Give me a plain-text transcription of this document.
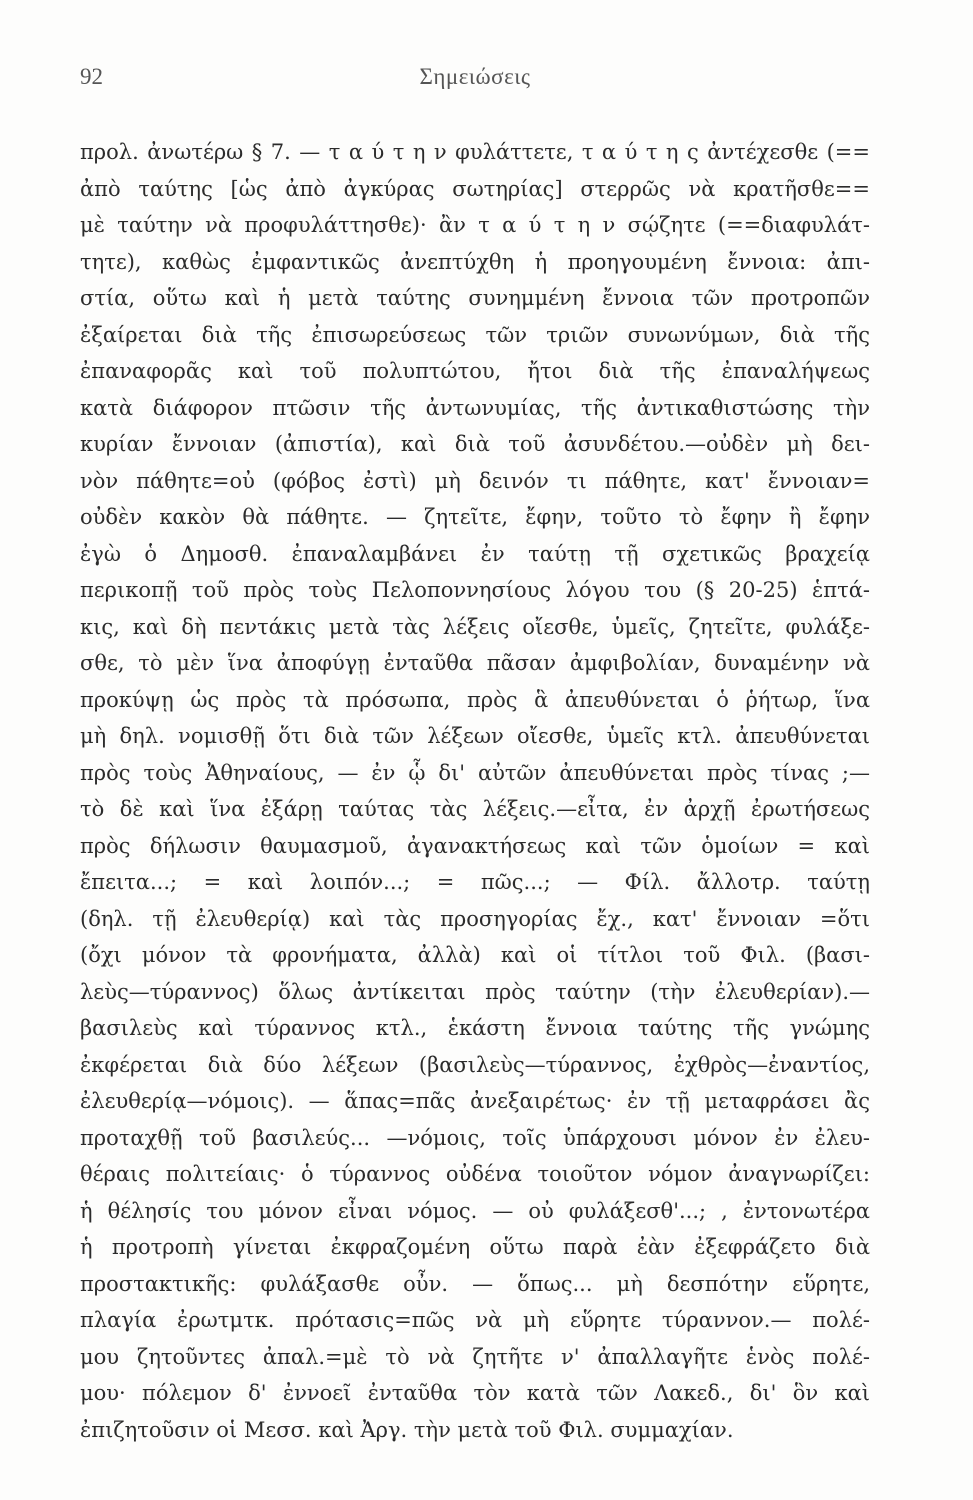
92	Σημειώσεις
προλ. ἀνωτέρω § 7. — τ α ύ τ η ν φυλάττετε, τ α ύ τ η ς ἀντέχεσθε (==
ἀπὸ ταύτης [ὡς ἀπὸ ἀγκύρας σωτηρίας] στερρῶς νὰ κρατῆσθε==
μὲ ταύτην νὰ προφυλάττησθε)· ἂν τ α ύ τ η ν σῴζητε (==διαφυλάτ-
τητε), καθὼς ἐμφαντικῶς ἀνεπτύχθη ἡ προηγουμένη ἔννοια: ἀπι-
στία, οὕτω καὶ ἡ μετὰ ταύτης συνημμένη ἔννοια τῶν προτροπῶν
ἐξαίρεται διὰ τῆς ἐπισωρεύσεως τῶν τριῶν συνωνύμων, διὰ τῆς
ἐπαναφορᾶς καὶ τοῦ πολυπτώτου, ἤτοι διὰ τῆς ἐπαναλήψεως
κατὰ διάφορον πτῶσιν τῆς ἀντωνυμίας, τῆς ἀντικαθιστώσης τὴν
κυρίαν ἔννοιαν (ἀπιστία), καὶ διὰ τοῦ ἀσυνδέτου.—οὐδὲν μὴ δει-
νὸν πάθητε=οὐ (φόβος ἐστὶ) μὴ δεινόν τι πάθητε, κατ' ἔννοιαν=
οὐδὲν κακὸν θὰ πάθητε. — ζητεῖτε, ἔφην, τοῦτο τὸ ἔφην ἢ ἔφην
ἐγὼ ὁ Δημοσθ. ἐπαναλαμβάνει ἐν ταύτῃ τῇ σχετικῶς βραχείᾳ
περικοπῇ τοῦ πρὸς τοὺς Πελοποννησίους λόγου του (§ 20-25) ἑπτά-
κις, καὶ δὴ πεντάκις μετὰ τὰς λέξεις οἴεσθε, ὑμεῖς, ζητεῖτε, φυλάξε-
σθε, τὸ μὲν ἵνα ἀποφύγῃ ἐνταῦθα πᾶσαν ἀμφιβολίαν, δυναμένην νὰ
προκύψῃ ὡς πρὸς τὰ πρόσωπα, πρὸς ἃ ἀπευθύνεται ὁ ῥήτωρ, ἵνα
μὴ δηλ. νομισθῇ ὅτι διὰ τῶν λέξεων οἴεσθε, ὑμεῖς κτλ. ἀπευθύνεται
πρὸς τοὺς Ἀθηναίους, — ἐν ᾧ δι' αὐτῶν ἀπευθύνεται πρὸς τίνας ;—
τὸ δὲ καὶ ἵνα ἐξάρῃ ταύτας τὰς λέξεις.—εἶτα, ἐν ἀρχῇ ἐρωτήσεως
πρὸς δήλωσιν θαυμασμοῦ, ἀγανακτήσεως καὶ τῶν ὁμοίων = καὶ
ἔπειτα...; = καὶ λοιπόν...; = πῶς...; — Φίλ. ἄλλοτρ. ταύτῃ
(δηλ. τῇ ἐλευθερίᾳ) καὶ τὰς προσηγορίας ἔχ., κατ' ἔννοιαν =ὅτι
(ὄχι μόνον τὰ φρονήματα, ἀλλὰ) καὶ οἱ τίτλοι τοῦ Φιλ. (βασι-
λεὺς—τύραννος) ὅλως ἀντίκειται πρὸς ταύτην (τὴν ἐλευθερίαν).—
βασιλεὺς καὶ τύραννος κτλ., ἑκάστη ἔννοια ταύτης τῆς γνώμης
ἐκφέρεται διὰ δύο λέξεων (βασιλεὺς—τύραννος, ἐχθρὸς—ἐναντίος,
ἐλευθερίᾳ—νόμοις). — ἅπας=πᾶς ἀνεξαιρέτως· ἐν τῇ μεταφράσει ἂς
προταχθῇ τοῦ βασιλεύς... —νόμοις, τοῖς ὑπάρχουσι μόνον ἐν ἐλευ-
θέραις πολιτείαις· ὁ τύραννος οὐδένα τοιοῦτον νόμον ἀναγνωρίζει:
ἡ θέλησίς του μόνον εἶναι νόμος. — οὐ φυλάξεσθ'...; , ἐντονωτέρα
ἡ προτροπὴ γίνεται ἐκφραζομένη οὕτω παρὰ ἐὰν ἐξεφράζετο διὰ
προστακτικῆς: φυλάξασθε οὖν. — ὅπως... μὴ δεσπότην εὕρητε,
πλαγία ἐρωτμτκ. πρότασις=πῶς νὰ μὴ εὕρητε τύραννον.— πολέ-
μου ζητοῦντες ἀπαλ.=μὲ τὸ νὰ ζητῆτε ν' ἀπαλλαγῆτε ἑνὸς πολέ-
μου· πόλεμον δ' ἐννοεῖ ἐνταῦθα τὸν κατὰ τῶν Λακεδ., δι' ὃν καὶ
ἐπιζητοῦσιν οἱ Μεσσ. καὶ Ἀργ. τὴν μετὰ τοῦ Φιλ. συμμαχίαν.
